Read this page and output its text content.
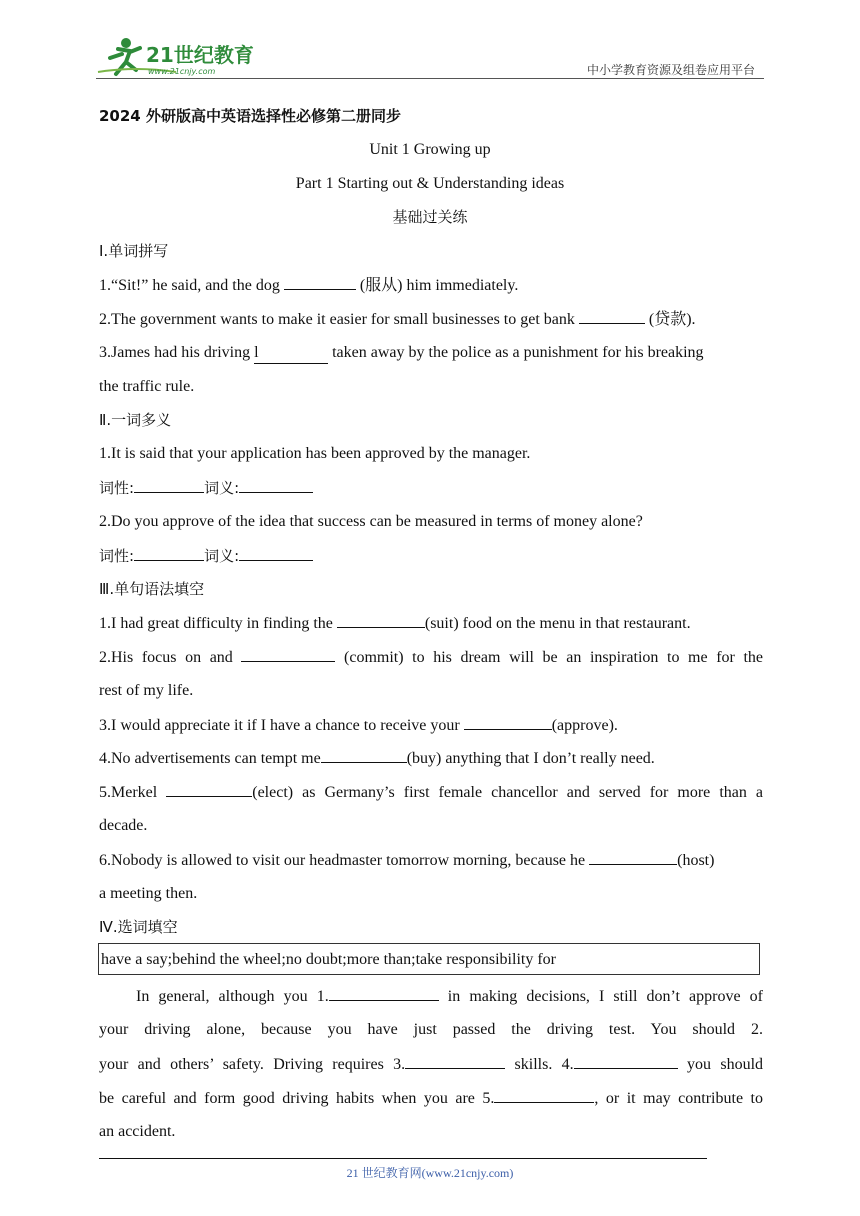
21世纪教育
www.21cnjy.com	中小学教育资源及组卷应用平台
2024 外研版高中英语选择性必修第二册同步
Unit 1 Growing up
Part 1 Starting out & Understanding ideas
基础过关练
Ⅰ.单词拼写
1.“Sit!” he said, and the dog	(服从) him immediately.
2.The government wants to make it easier for small businesses to get bank	(贷款).
3.James had his driving l	taken away by the police as a punishment for his breaking
the traffic rule.
Ⅱ.一词多义
1.It is said that your application has been approved by the manager.
词性:	词义:
2.Do you approve of the idea that success can be measured in terms of money alone?
词性:	词义:
Ⅲ.单句语法填空
1.I had great difficulty in finding the	(suit) food on the menu in that restaurant.
2.His focus on and	(commit) to his dream will be an inspiration to me for the
rest of my life.
3.I would appreciate it if I have a chance to receive your	(approve).
4.No advertisements can tempt me	(buy) anything that I don’t really need.
5.Merkel	(elect) as Germany’s first female chancellor and served for more than a
decade.
6.Nobody is allowed to visit our headmaster tomorrow morning, because he	(host)
a meeting then.
Ⅳ.选词填空
have a say;behind the wheel;no doubt;more than;take responsibility for
In general, although you 1.	in making decisions, I still don’t approve of
your driving alone, because you have just passed the driving test. You should 2.
your and others’ safety. Driving requires 3.	skills. 4.	you should
be careful and form good driving habits when you are 5.	, or it may contribute to
an accident.
21 世纪教育网(www.21cnjy.com)
